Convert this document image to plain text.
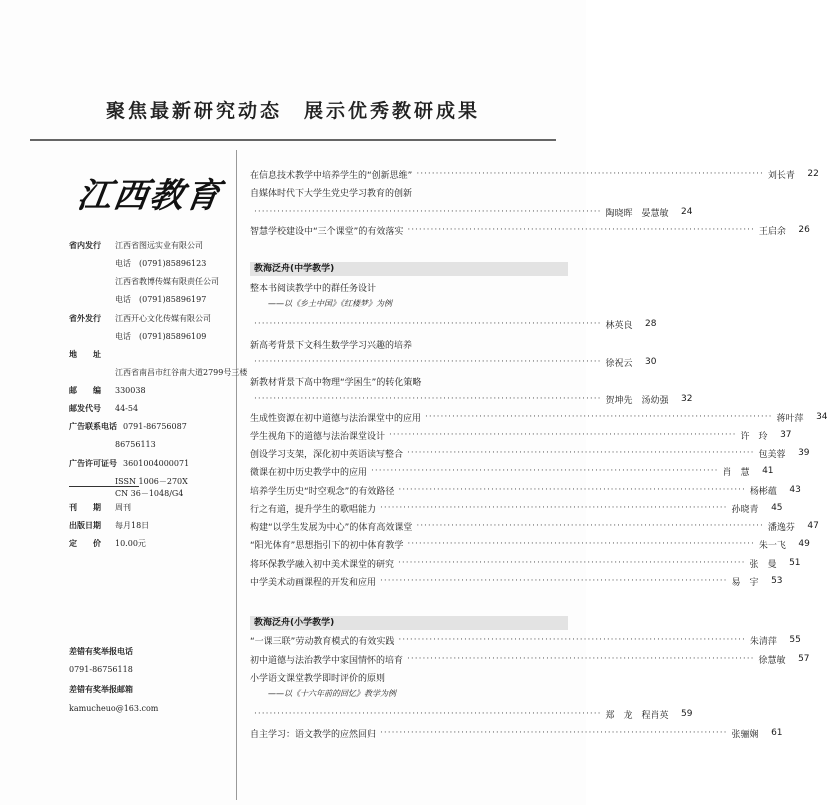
聚焦最新研究动态　展示优秀教研成果
江西教育
省内发行 江西省图远实业有限公司
电话　(0791)85896123
江西省教博传媒有限责任公司
电话　(0791)85896197
省外发行 江西开心文化传媒有限公司
电话　(0791)85896109
地　　址
江西省南昌市红谷南大道2799号三楼
邮　　编 330038
邮发代号 44-54
广告联系电话 0791-86756087
86756113
广告许可证号 3601004000071
ISSN 1006－270X
CN 36－1048/G4
刊　　期 周刊
出版日期 每月18日
定　　价 10.00元
差错有奖举报电话
0791-86756118
差错有奖举报邮箱
kamucheuo@163.com
在信息技术教学中培养学生的“创新思维” ·························································································· 刘长青	22
自媒体时代下大学生党史学习教育的创新
·························································································· 陶晓晖　晏慧敏	24
智慧学校建设中“三个课堂”的有效落实 ·························································································· 王启余	26
教海泛舟(中学教学)
整本书阅读教学中的群任务设计
——以《乡土中国》《红楼梦》为例
·························································································· 林英良	28
新高考背景下文科生数学学习兴趣的培养
·························································································· 徐祝云	30
新教材背景下高中物理“学困生”的转化策略
·························································································· 贺坤先　汤幼强	32
生成性资源在初中道德与法治课堂中的应用 ·························································································· 蒋叶萍	34
学生视角下的道德与法治课堂设计 ·························································································· 许　玲	37
创设学习支架，深化初中英语读写整合 ·························································································· 包美蓉	39
微课在初中历史教学中的应用 ·························································································· 肖　慧	41
培养学生历史“时空观念”的有效路径 ·························································································· 杨彬蕴	43
行之有道，提升学生的歌唱能力 ·························································································· 孙晓青	45
构建“以学生发展为中心”的体育高效课堂 ·························································································· 潘逸芬	47
“阳光体育”思想指引下的初中体育教学 ·························································································· 朱一飞	49
将环保教学融入初中美术课堂的研究 ·························································································· 张　曼	51
中学美术动画课程的开发和应用 ·························································································· 易　宇	53
教海泛舟(小学教学)
“一课三联”劳动教育模式的有效实践 ·························································································· 朱清萍	55
初中道德与法治教学中家国情怀的培育 ·························································································· 徐慧敏	57
小学语文课堂教学即时评价的原则
——以《十六年前的回忆》教学为例
·························································································· 郑　龙　程肖英	59
自主学习：语文教学的应然回归 ·························································································· 张骊娴	61
